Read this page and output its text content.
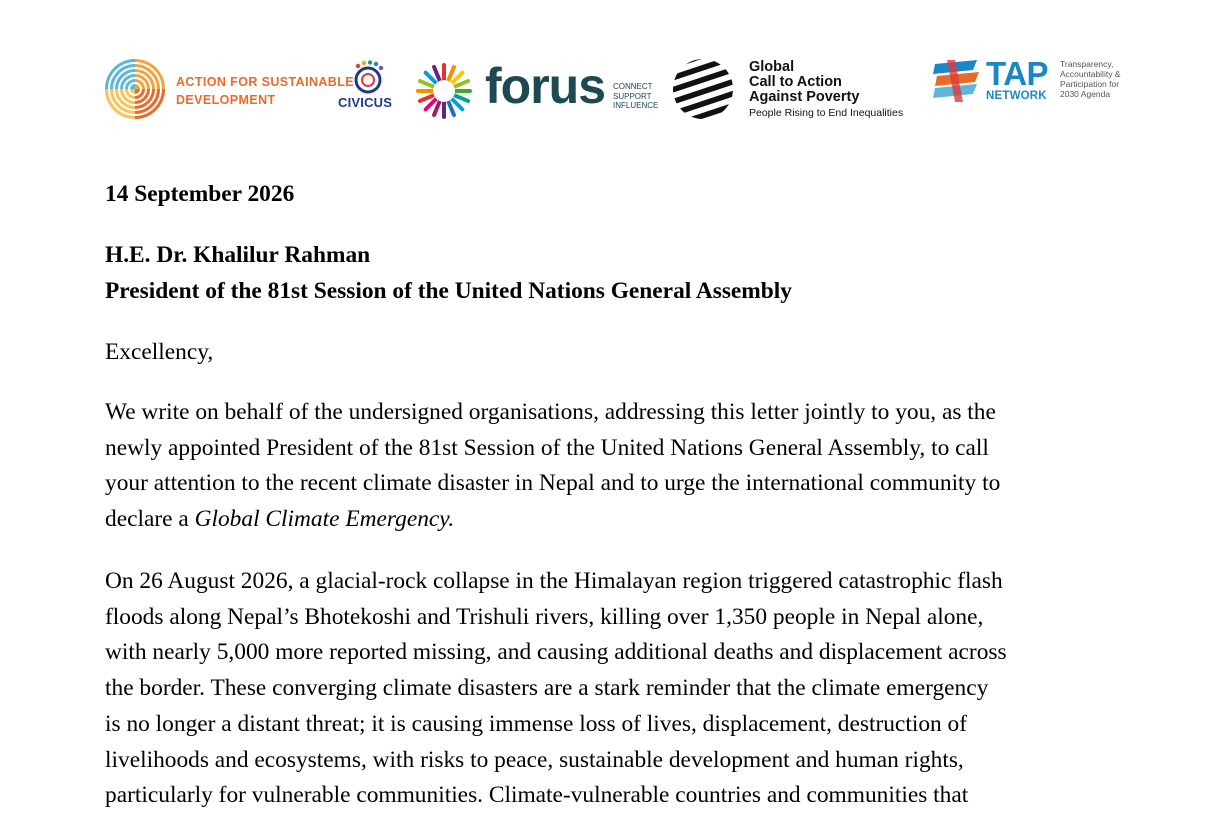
ACTION FOR SUSTAINABLE
DEVELOPMENT	CIVICUS forus CONNECT
SUPPORT
INFLUENCE
Global
Call to Action
Against Poverty
People Rising to End Inequalities
TAP
NETWORK
Transparency,
Accountability &
Participation for
2030 Agenda

14 September 2026

H.E. Dr. Khalilur Rahman

President of the 81st Session of the United Nations General Assembly

Excellency,

We write on behalf of the undersigned organisations, addressing this letter jointly to you, as the
newly appointed President of the 81st Session of the United Nations General Assembly, to call
your attention to the recent climate disaster in Nepal and to urge the international community to
declare a Global Climate Emergency.

On 26 August 2026, a glacial-rock collapse in the Himalayan region triggered catastrophic flash
floods along Nepal’s Bhotekoshi and Trishuli rivers, killing over 1,350 people in Nepal alone,
with nearly 5,000 more reported missing, and causing additional deaths and displacement across
the border. These converging climate disasters are a stark reminder that the climate emergency
is no longer a distant threat; it is causing immense loss of lives, displacement, destruction of
livelihoods and ecosystems, with risks to peace, sustainable development and human rights,
particularly for vulnerable communities. Climate-vulnerable countries and communities that
